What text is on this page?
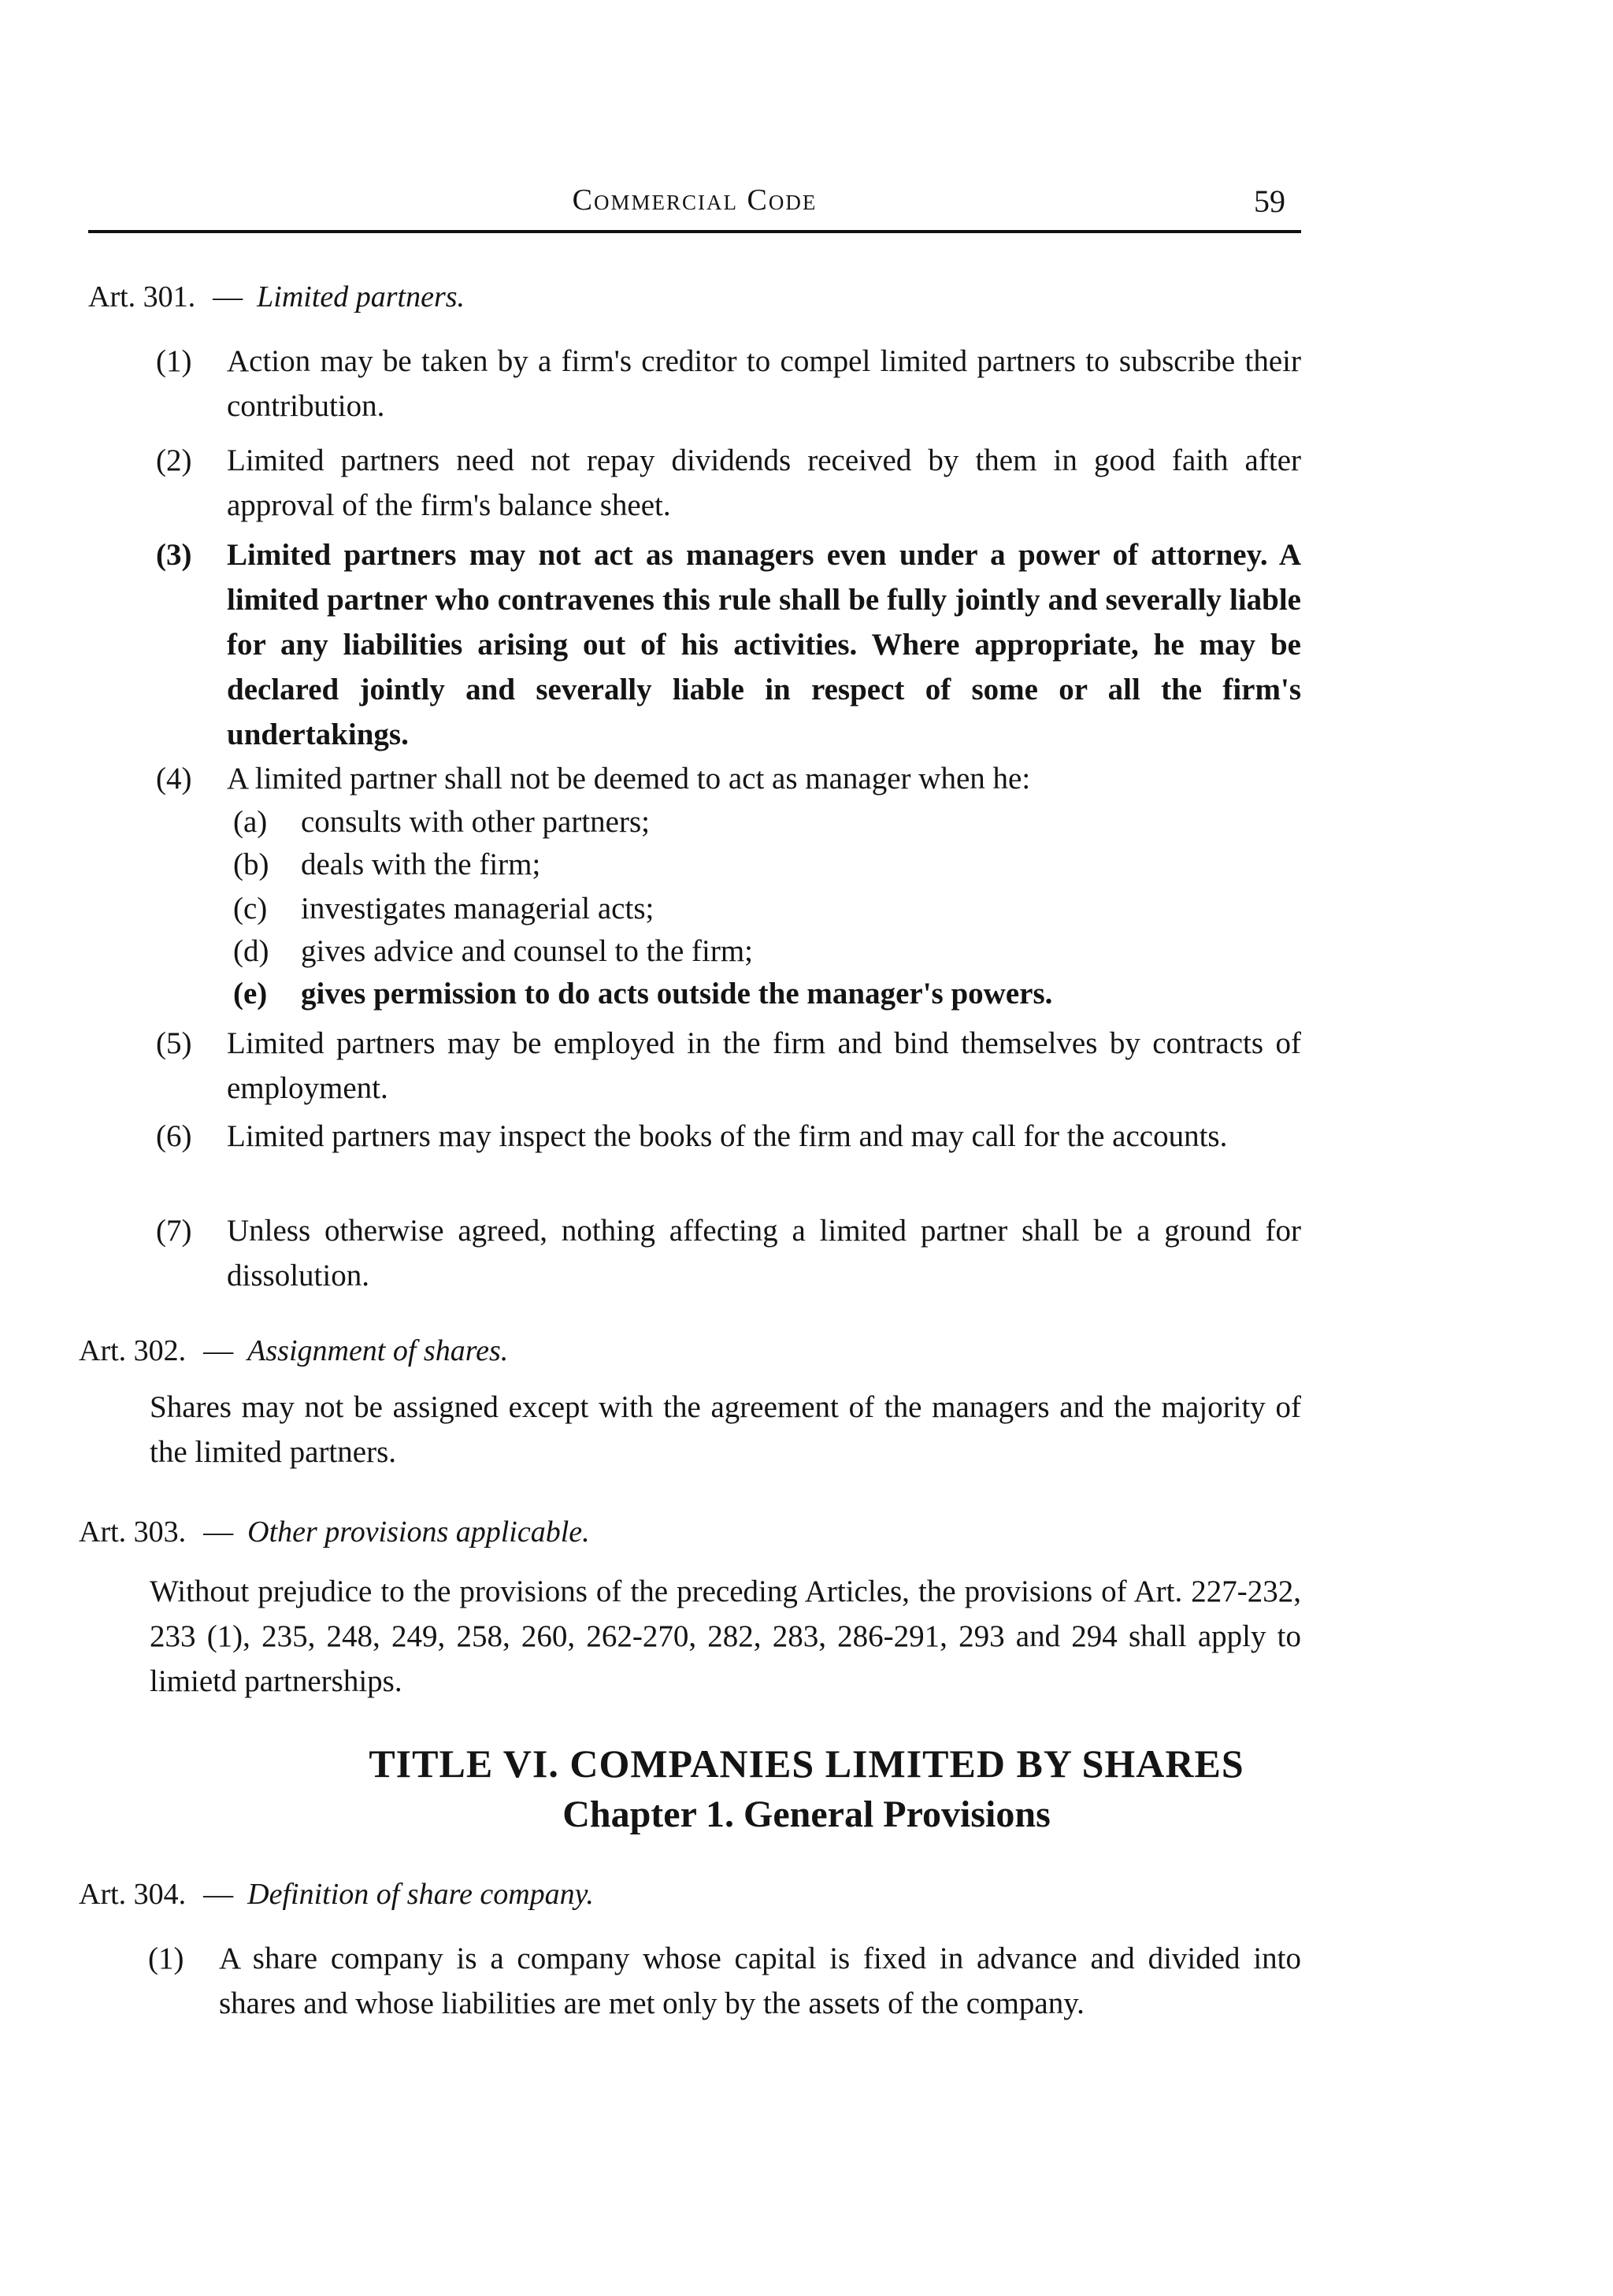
Commercial Code	59
Art. 301. — Limited partners.
(1) Action may be taken by a firm's creditor to compel limited partners to subscribe their contribution.
(2) Limited partners need not repay dividends received by them in good faith after approval of the firm's balance sheet.
(3) Limited partners may not act as managers even under a power of attorney. A limited partner who contravenes this rule shall be fully jointly and severally liable for any liabilities arising out of his activities. Where appropriate, he may be declared jointly and severally liable in respect of some or all the firm's undertakings.
(4) A limited partner shall not be deemed to act as manager when he:
(a) consults with other partners;
(b) deals with the firm;
(c) investigates managerial acts;
(d) gives advice and counsel to the firm;
(e) gives permission to do acts outside the manager's powers.
(5) Limited partners may be employed in the firm and bind themselves by contracts of employment.
(6) Limited partners may inspect the books of the firm and may call for the accounts.
(7) Unless otherwise agreed, nothing affecting a limited partner shall be a ground for dissolution.
Art. 302. — Assignment of shares.
Shares may not be assigned except with the agreement of the managers and the majority of the limited partners.
Art. 303. — Other provisions applicable.
Without prejudice to the provisions of the preceding Articles, the provisions of Art. 227-232, 233 (1), 235, 248, 249, 258, 260, 262-270, 282, 283, 286-291, 293 and 294 shall apply to limietd partnerships.
TITLE VI. COMPANIES LIMITED BY SHARES
Chapter 1. General Provisions
Art. 304. — Definition of share company.
(1) A share company is a company whose capital is fixed in advance and divided into shares and whose liabilities are met only by the assets of the company.
